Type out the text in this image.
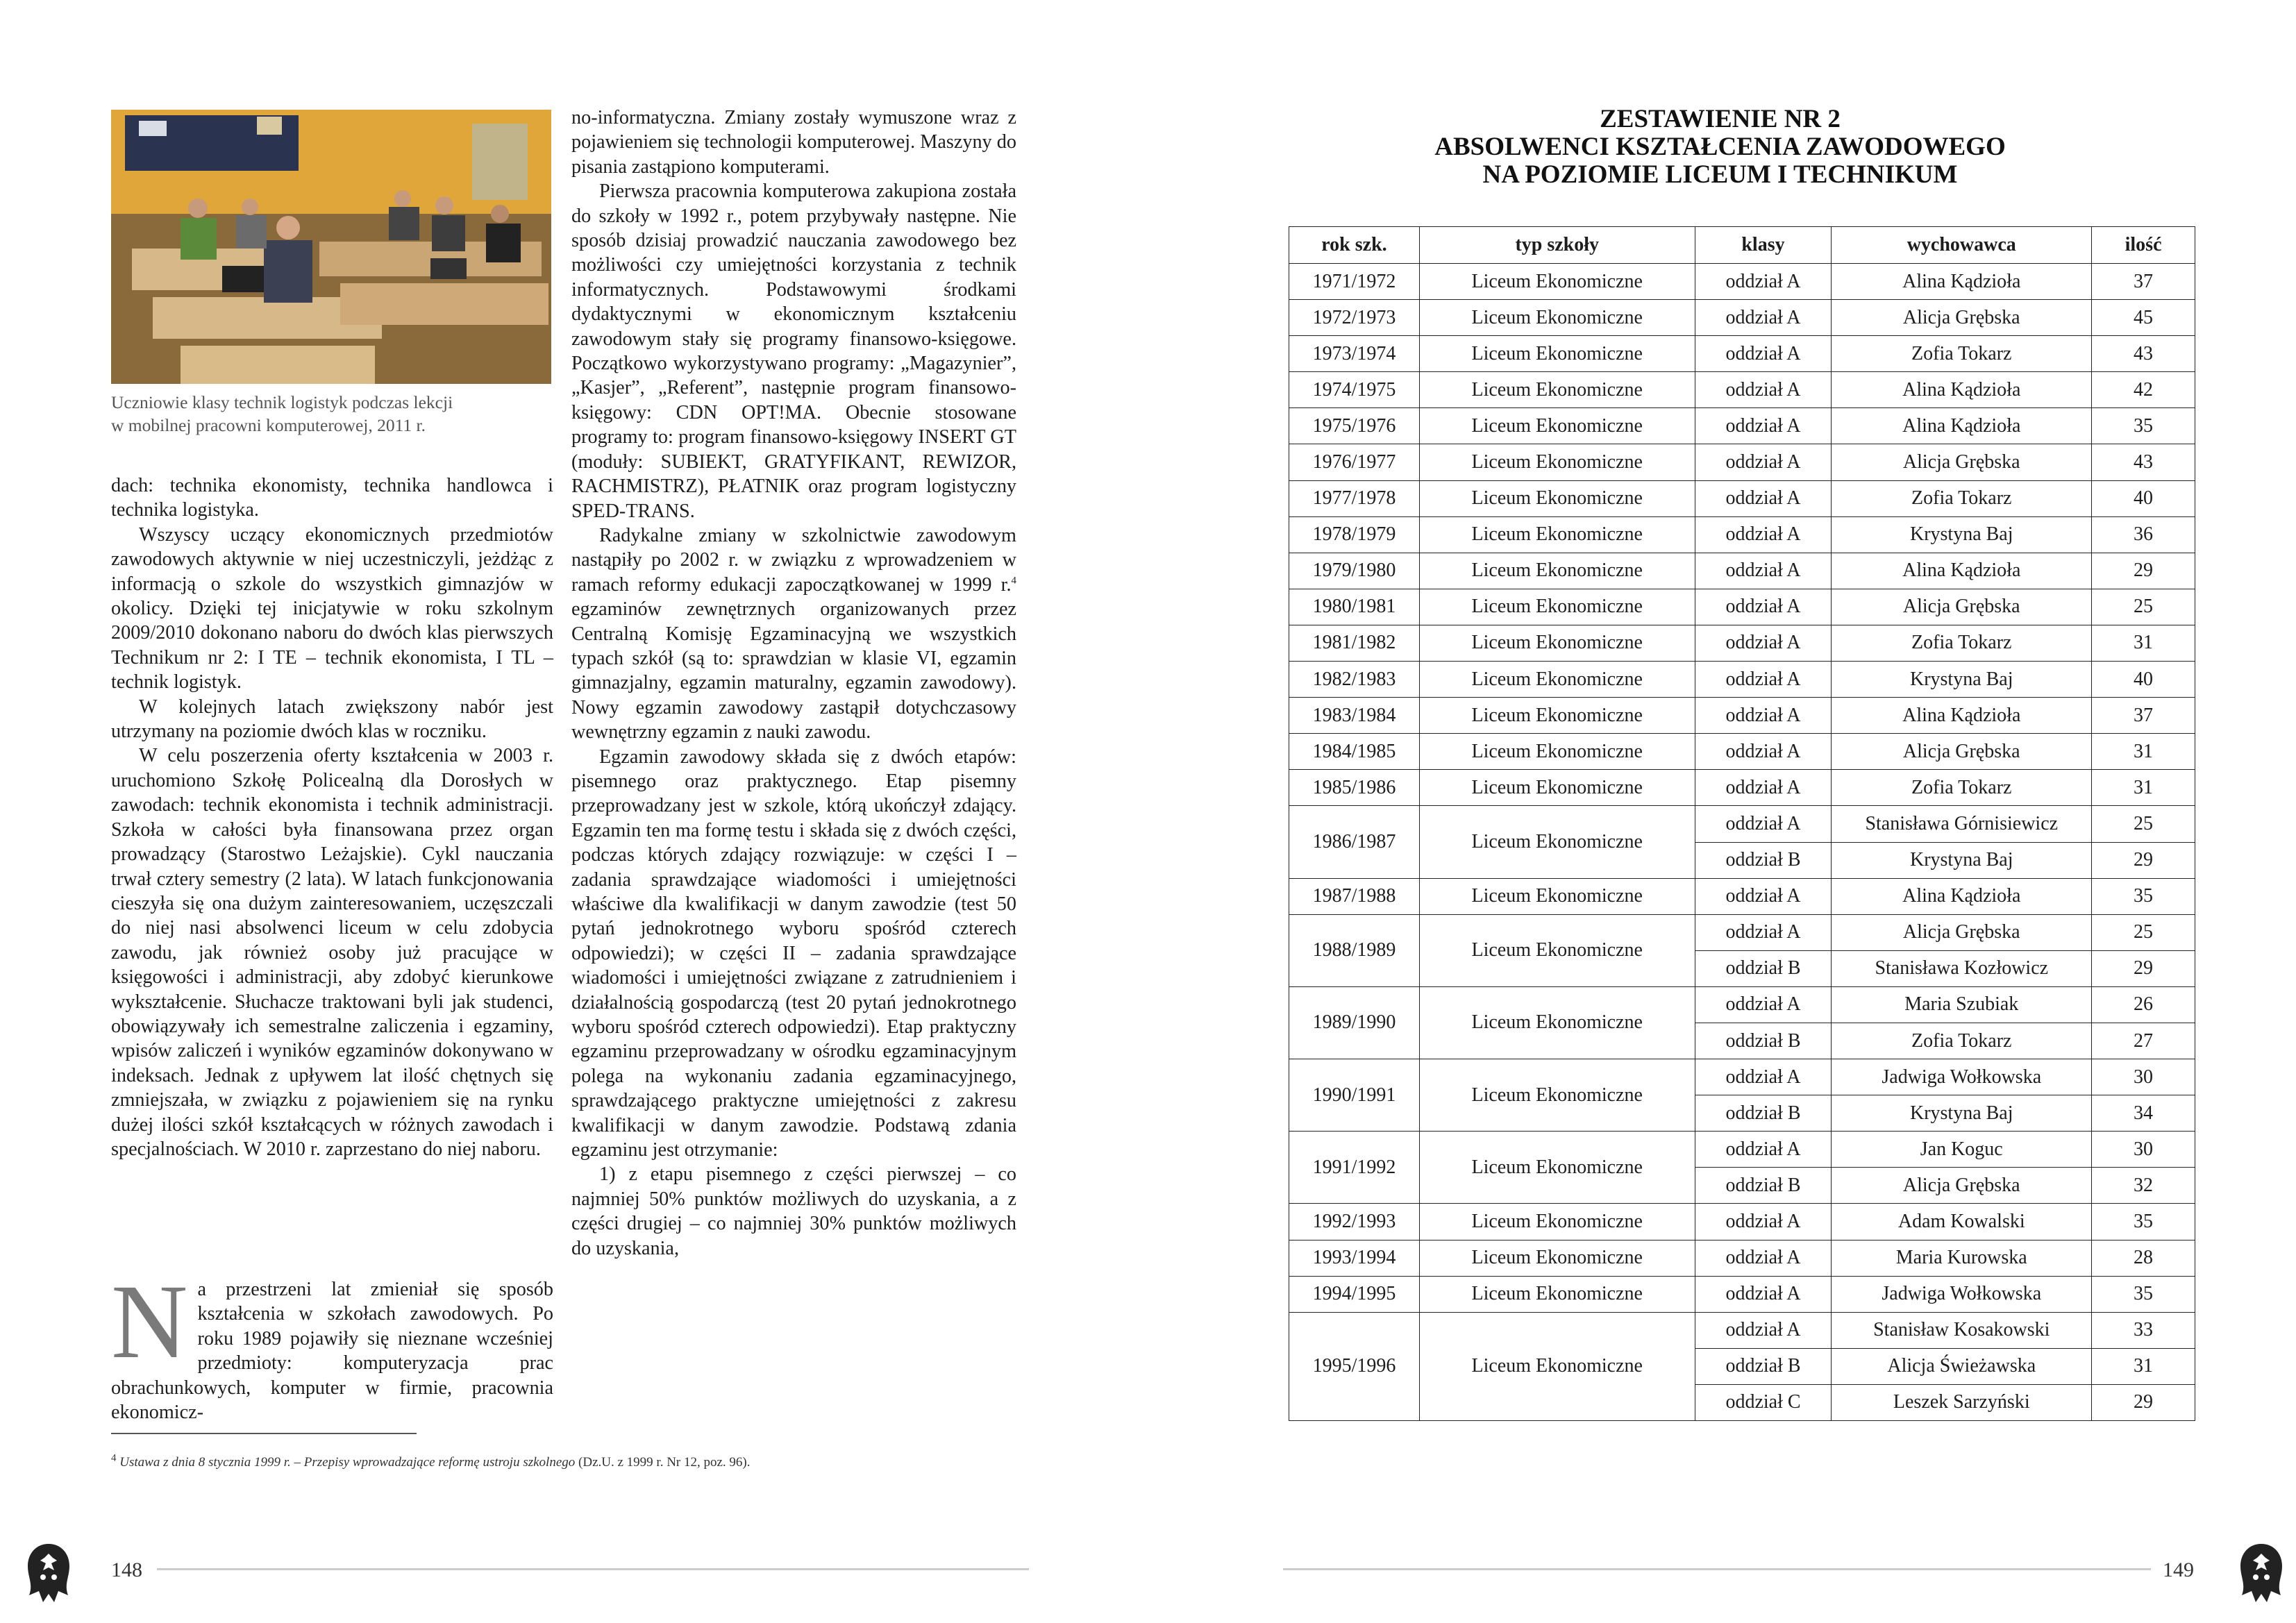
Uczniowie klasy technik logistyk podczas lekcji
w mobilnej pracowni komputerowej, 2011 r.

dach: technika ekonomisty, technika handlowca i technika logistyka.

Wszyscy uczący ekonomicznych przedmiotów zawodowych aktywnie w niej uczestniczyli, jeżdżąc z informacją o szkole do wszystkich gimnazjów w okolicy. Dzięki tej inicjatywie w roku szkolnym 2009/2010 dokonano naboru do dwóch klas pierwszych Technikum nr 2: I TE – technik ekonomista, I TL – technik logistyk.

W kolejnych latach zwiększony nabór jest utrzymany na poziomie dwóch klas w roczniku.

W celu poszerzenia oferty kształcenia w 2003 r. uruchomiono Szkołę Policealną dla Dorosłych w zawodach: technik ekonomista i technik administracji. Szkoła w całości była finansowana przez organ prowadzący (Starostwo Leżajskie). Cykl nauczania trwał cztery semestry (2 lata). W latach funkcjonowania cieszyła się ona dużym zainteresowaniem, uczęszczali do niej nasi absolwenci liceum w celu zdobycia zawodu, jak również osoby już pracujące w księgowości i administracji, aby zdobyć kierunkowe wykształcenie. Słuchacze traktowani byli jak studenci, obowiązywały ich semestralne zaliczenia i egzaminy, wpisów zaliczeń i wyników egzaminów dokonywano w indeksach. Jednak z upływem lat ilość chętnych się zmniejszała, w związku z pojawieniem się na rynku dużej ilości szkół kształcących w różnych zawodach i specjalnościach. W 2010 r. zaprzestano do niej naboru.

N a przestrzeni lat zmieniał się sposób kształcenia w szkołach zawodowych. Po roku 1989 pojawiły się nieznane wcześniej przedmioty: komputeryzacja prac obrachunkowych, komputer w firmie, pracownia ekonomicz-

no-informatyczna. Zmiany zostały wymuszone wraz z pojawieniem się technologii komputerowej. Maszyny do pisania zastąpiono komputerami.

Pierwsza pracownia komputerowa zakupiona została do szkoły w 1992 r., potem przybywały następne. Nie sposób dzisiaj prowadzić nauczania zawodowego bez możliwości czy umiejętności korzystania z technik informatycznych. Podstawowymi środkami dydaktycznymi w ekonomicznym kształceniu zawodowym stały się programy finansowo-księgowe. Początkowo wykorzystywano programy: „Magazynier”, „Kasjer”, „Referent”, następnie program finansowo-księgowy: CDN OPT!MA. Obecnie stosowane programy to: program finansowo-księgowy INSERT GT (moduły: SUBIEKT, GRATYFIKANT, REWIZOR, RACHMISTRZ), PŁATNIK oraz program logistyczny SPED-TRANS.

Radykalne zmiany w szkolnictwie zawodowym nastąpiły po 2002 r. w związku z wprowadzeniem w ramach reformy edukacji zapoczątkowanej w 1999 r.$^4$ egzaminów zewnętrznych organizowanych przez Centralną Komisję Egzaminacyjną we wszystkich typach szkół (są to: sprawdzian w klasie VI, egzamin gimnazjalny, egzamin maturalny, egzamin zawodowy). Nowy egzamin zawodowy zastąpił dotychczasowy wewnętrzny egzamin z nauki zawodu.

Egzamin zawodowy składa się z dwóch etapów: pisemnego oraz praktycznego. Etap pisemny przeprowadzany jest w szkole, którą ukończył zdający. Egzamin ten ma formę testu i składa się z dwóch części, podczas których zdający rozwiązuje: w części I – zadania sprawdzające wiadomości i umiejętności właściwe dla kwalifikacji w danym zawodzie (test 50 pytań jednokrotnego wyboru spośród czterech odpowiedzi); w części II – zadania sprawdzające wiadomości i umiejętności związane z zatrudnieniem i działalnością gospodarczą (test 20 pytań jednokrotnego wyboru spośród czterech odpowiedzi). Etap praktyczny egzaminu przeprowadzany w ośrodku egzaminacyjnym polega na wykonaniu zadania egzaminacyjnego, sprawdzającego praktyczne umiejętności z zakresu kwalifikacji w danym zawodzie. Podstawą zdania egzaminu jest otrzymanie:

1) z etapu pisemnego z części pierwszej – co najmniej 50% punktów możliwych do uzyskania, a z części drugiej – co najmniej 30% punktów możliwych do uzyskania,

$^4$ Ustawa z dnia 8 stycznia 1999 r. – Przepisy wprowadzające reformę ustroju szkolnego (Dz.U. z 1999 r. Nr 12, poz. 96).
148
ZESTAWIENIE NR 2
ABSOLWENCI KSZTAŁCENIA ZAWODOWEGO
NA POZIOMIE LICEUM I TECHNIKUM
rok szk.	typ szkoły	klasy	wychowawca	ilość
1971/1972	Liceum Ekonomiczne	oddział A	Alina Kądzioła	37
1972/1973	Liceum Ekonomiczne	oddział A	Alicja Grębska	45
1973/1974	Liceum Ekonomiczne	oddział A	Zofia Tokarz	43
1974/1975	Liceum Ekonomiczne	oddział A	Alina Kądzioła	42
1975/1976	Liceum Ekonomiczne	oddział A	Alina Kądzioła	35
1976/1977	Liceum Ekonomiczne	oddział A	Alicja Grębska	43
1977/1978	Liceum Ekonomiczne	oddział A	Zofia Tokarz	40
1978/1979	Liceum Ekonomiczne	oddział A	Krystyna Baj	36
1979/1980	Liceum Ekonomiczne	oddział A	Alina Kądzioła	29
1980/1981	Liceum Ekonomiczne	oddział A	Alicja Grębska	25
1981/1982	Liceum Ekonomiczne	oddział A	Zofia Tokarz	31
1982/1983	Liceum Ekonomiczne	oddział A	Krystyna Baj	40
1983/1984	Liceum Ekonomiczne	oddział A	Alina Kądzioła	37
1984/1985	Liceum Ekonomiczne	oddział A	Alicja Grębska	31
1985/1986	Liceum Ekonomiczne	oddział A	Zofia Tokarz	31
1986/1987	Liceum Ekonomiczne	oddział A	Stanisława Górnisiewicz	25
		oddział B	Krystyna Baj	29
1987/1988	Liceum Ekonomiczne	oddział A	Alina Kądzioła	35
1988/1989	Liceum Ekonomiczne	oddział A	Alicja Grębska	25
		oddział B	Stanisława Kozłowicz	29
1989/1990	Liceum Ekonomiczne	oddział A	Maria Szubiak	26
		oddział B	Zofia Tokarz	27
1990/1991	Liceum Ekonomiczne	oddział A	Jadwiga Wołkowska	30
		oddział B	Krystyna Baj	34
1991/1992	Liceum Ekonomiczne	oddział A	Jan Koguc	30
		oddział B	Alicja Grębska	32
1992/1993	Liceum Ekonomiczne	oddział A	Adam Kowalski	35
1993/1994	Liceum Ekonomiczne	oddział A	Maria Kurowska	28
1994/1995	Liceum Ekonomiczne	oddział A	Jadwiga Wołkowska	35
1995/1996	Liceum Ekonomiczne	oddział A	Stanisław Kosakowski	33
		oddział B	Alicja Świeżawska	31
		oddział C	Leszek Sarzyński	29
149
